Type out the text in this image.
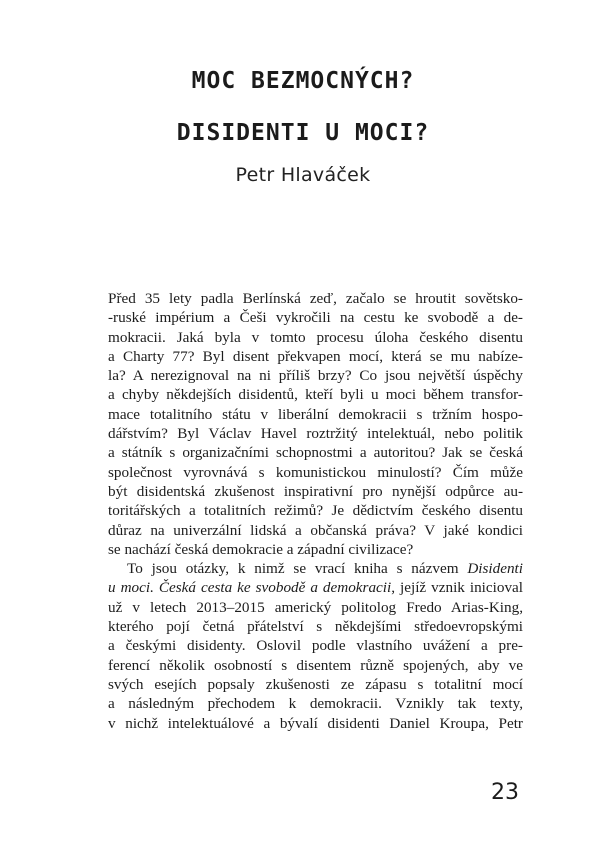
MOC BEZMOCNÝCH?
DISIDENTI U MOCI?
Petr Hlaváček

Před 35 lety padla Berlínská zeď, začalo se hroutit sovětsko-
-ruské impérium a Češi vykročili na cestu ke svobodě a de-
mokracii. Jaká byla v tomto procesu úloha českého disentu
a Charty 77? Byl disent překvapen mocí, která se mu nabíze-
la? A nerezignoval na ni příliš brzy? Co jsou největší úspěchy
a chyby někdejších disidentů, kteří byli u moci během transfor-
mace totalitního státu v liberální demokracii s tržním hospo-
dářstvím? Byl Václav Havel roztržitý intelektuál, nebo politik
a státník s organizačními schopnostmi a autoritou? Jak se česká
společnost vyrovnává s komunistickou minulostí? Čím může
být disidentská zkušenost inspirativní pro nynější odpůrce au-
toritářských a totalitních režimů? Je dědictvím českého disentu
důraz na univerzální lidská a občanská práva? V jaké kondici
se nachází česká demokracie a západní civilizace?

To jsou otázky, k nimž se vrací kniha s názvem Disidenti
u moci. Česká cesta ke svobodě a demokracii, jejíž vznik inicioval
už v letech 2013–2015 americký politolog Fredo Arias-King,
kterého pojí četná přátelství s někdejšími středoevropskými
a českými disidenty. Oslovil podle vlastního uvážení a pre-
ferencí několik osobností s disentem různě spojených, aby ve
svých esejích popsaly zkušenosti ze zápasu s totalitní mocí
a následným přechodem k demokracii. Vznikly tak texty,
v nichž intelektuálové a bývalí disidenti Daniel Kroupa, Petr

23
